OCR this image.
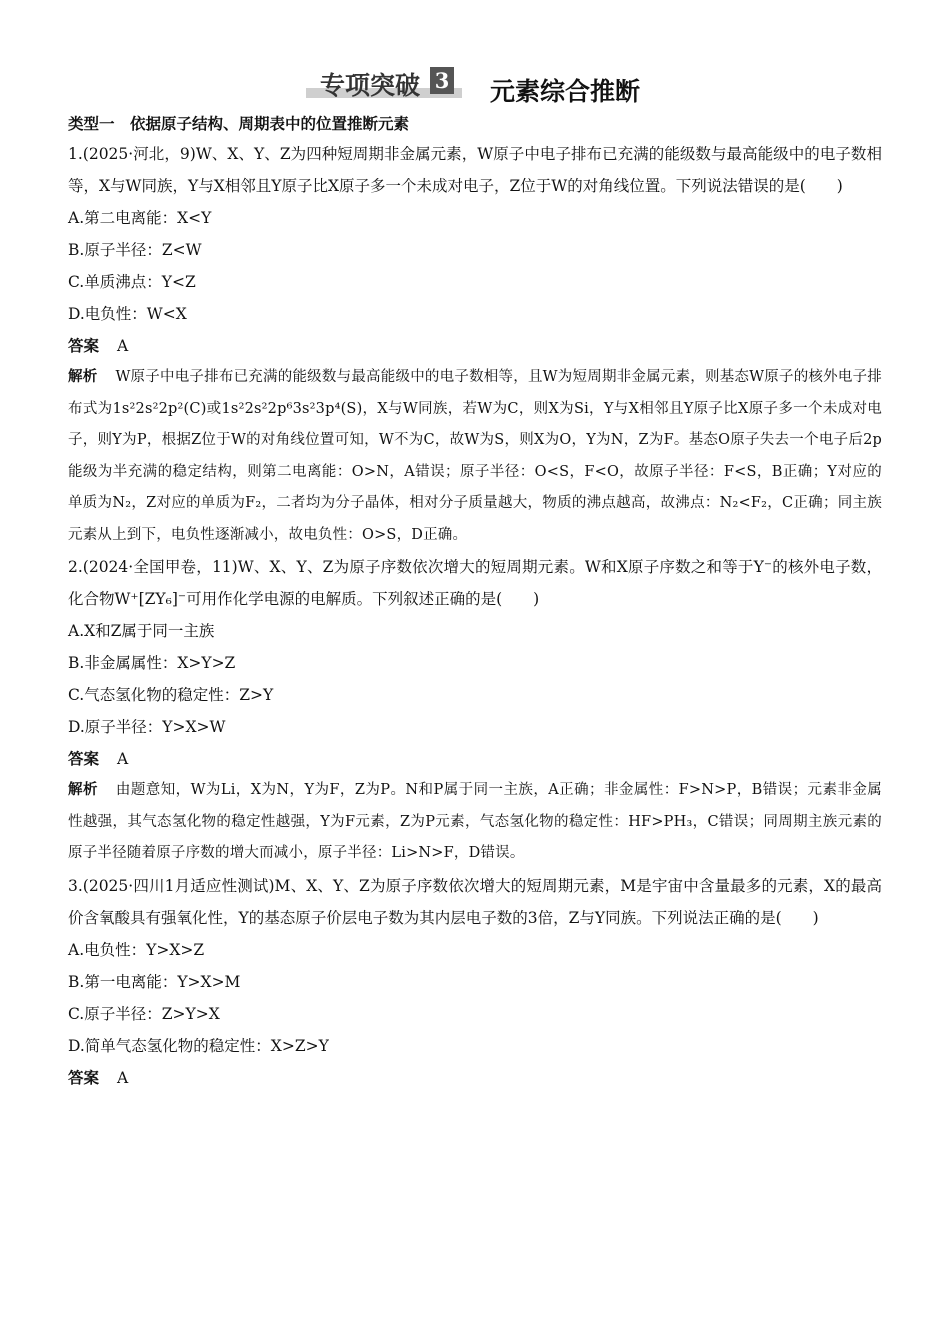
专项突破 3 元素综合推断
类型一　依据原子结构、周期表中的位置推断元素

1.(2025·河北，9)W、X、Y、Z为四种短周期非金属元素，W原子中电子排布已充满的能级数与最高能级中的电子数相等，X与W同族，Y与X相邻且Y原子比X原子多一个未成对电子，Z位于W的对角线位置。下列说法错误的是(　　)

A.第二电离能：X<Y

B.原子半径：Z<W

C.单质沸点：Y<Z

D.电负性：W<X

答案 A

解析 W原子中电子排布已充满的能级数与最高能级中的电子数相等，且W为短周期非金属元素，则基态W原子的核外电子排布式为1s²2s²2p²(C)或1s²2s²2p⁶3s²3p⁴(S)，X与W同族，若W为C，则X为Si，Y与X相邻且Y原子比X原子多一个未成对电子，则Y为P，根据Z位于W的对角线位置可知，W不为C，故W为S，则X为O，Y为N，Z为F。基态O原子失去一个电子后2p能级为半充满的稳定结构，则第二电离能：O>N，A错误；原子半径：O<S，F<O，故原子半径：F<S，B正确；Y对应的单质为N₂，Z对应的单质为F₂，二者均为分子晶体，相对分子质量越大，物质的沸点越高，故沸点：N₂<F₂，C正确；同主族元素从上到下，电负性逐渐减小，故电负性：O>S，D正确。

2.(2024·全国甲卷，11)W、X、Y、Z为原子序数依次增大的短周期元素。W和X原子序数之和等于Y⁻的核外电子数，化合物W⁺[ZY₆]⁻可用作化学电源的电解质。下列叙述正确的是(　　)

A.X和Z属于同一主族

B.非金属属性：X>Y>Z

C.气态氢化物的稳定性：Z>Y

D.原子半径：Y>X>W

答案 A

解析 由题意知，W为Li，X为N，Y为F，Z为P。N和P属于同一主族，A正确；非金属性：F>N>P，B错误；元素非金属性越强，其气态氢化物的稳定性越强，Y为F元素，Z为P元素，气态氢化物的稳定性：HF>PH₃，C错误；同周期主族元素的原子半径随着原子序数的增大而减小，原子半径：Li>N>F，D错误。

3.(2025·四川1月适应性测试)M、X、Y、Z为原子序数依次增大的短周期元素，M是宇宙中含量最多的元素，X的最高价含氧酸具有强氧化性，Y的基态原子价层电子数为其内层电子数的3倍，Z与Y同族。下列说法正确的是(　　)

A.电负性：Y>X>Z

B.第一电离能：Y>X>M

C.原子半径：Z>Y>X

D.简单气态氢化物的稳定性：X>Z>Y

答案 A
